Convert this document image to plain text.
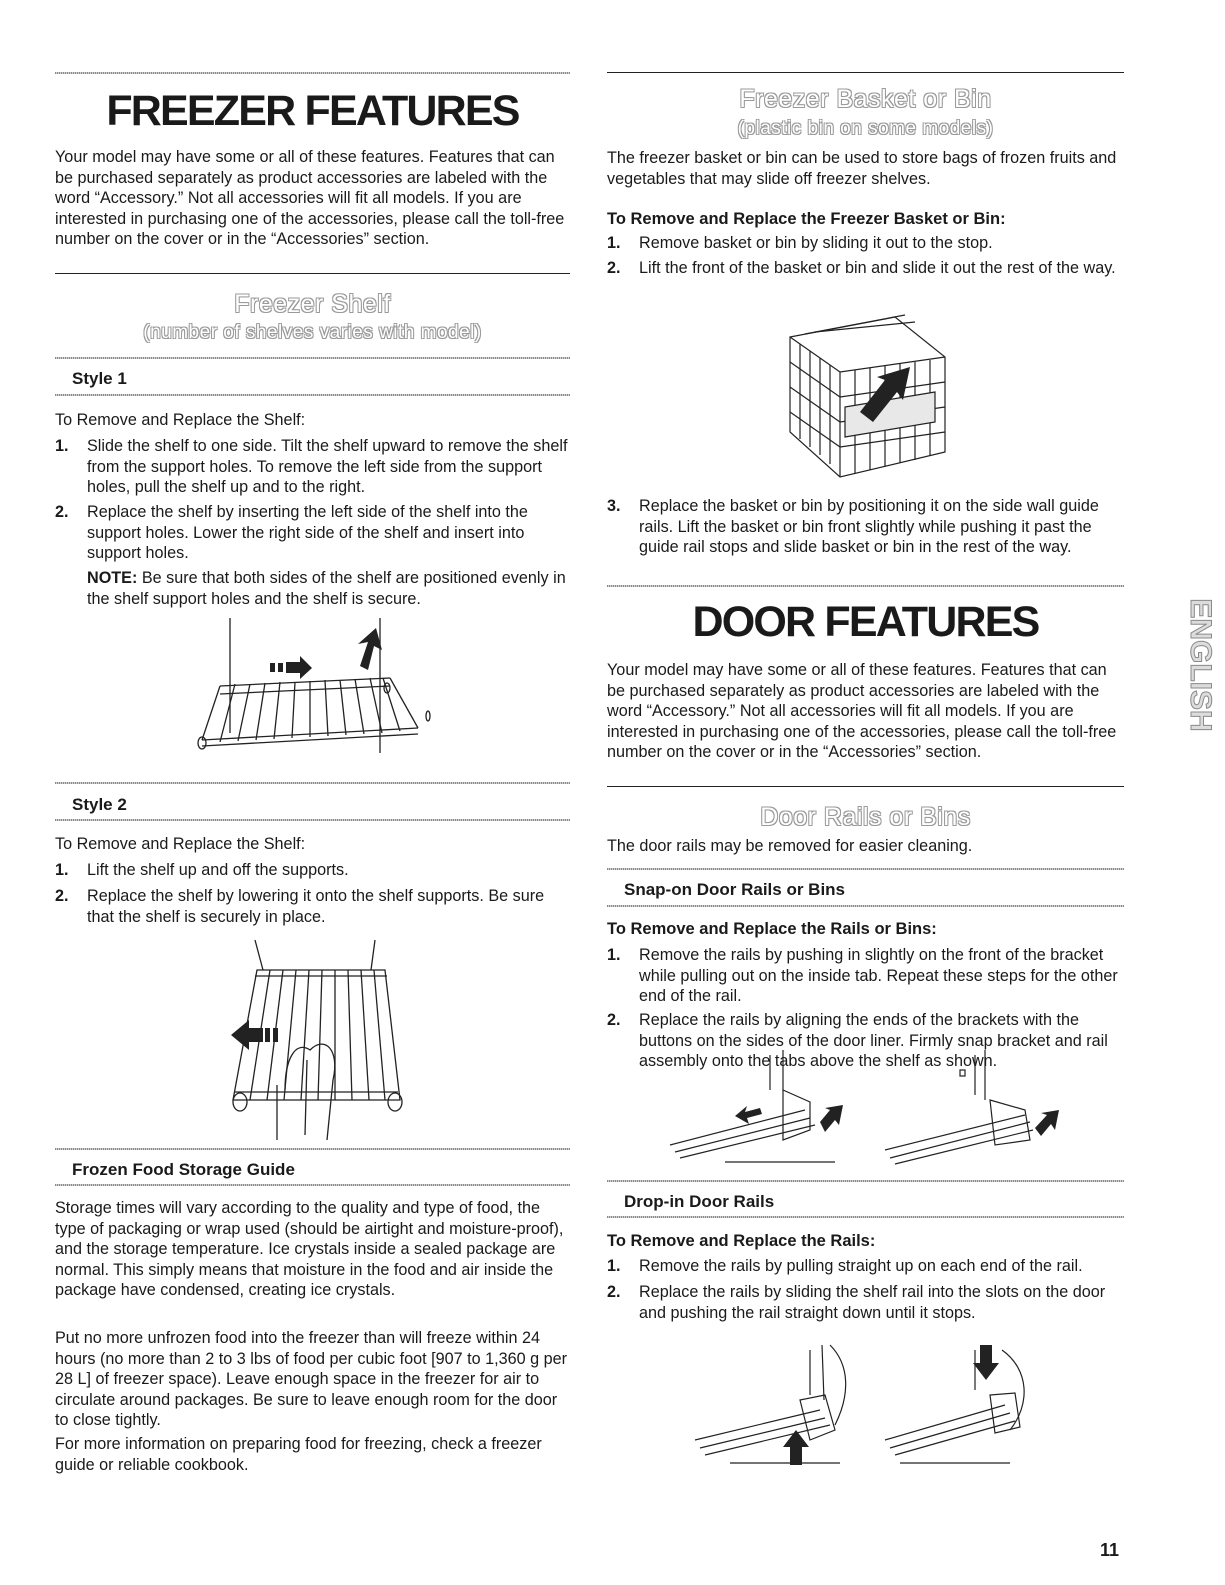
FREEZER FEATURES

Your model may have some or all of these features. Features that can be purchased separately as product accessories are labeled with the word “Accessory.” Not all accessories will fit all models. If you are interested in purchasing one of the accessories, please call the toll-free number on the cover or in the “Accessories” section.

Freezer Shelf
(number of shelves varies with model)
Style 1
To Remove and Replace the Shelf:
1. Slide the shelf to one side. Tilt the shelf upward to remove the shelf from the support holes. To remove the left side from the support holes, pull the shelf up and to the right.
2. Replace the shelf by inserting the left side of the shelf into the support holes. Lower the right side of the shelf and insert into support holes.

NOTE: Be sure that both sides of the shelf are positioned evenly in the shelf support holes and the shelf is secure.

Style 2
To Remove and Replace the Shelf:
1. Lift the shelf up and off the supports.
2. Replace the shelf by lowering it onto the shelf supports. Be sure that the shelf is securely in place.
Frozen Food Storage Guide

Storage times will vary according to the quality and type of food, the type of packaging or wrap used (should be airtight and moisture-proof), and the storage temperature. Ice crystals inside a sealed package are normal. This simply means that moisture in the food and air inside the package have condensed, creating ice crystals.

Put no more unfrozen food into the freezer than will freeze within 24 hours (no more than 2 to 3 lbs of food per cubic foot [907 to 1,360 g per 28 L] of freezer space). Leave enough space in the freezer for air to circulate around packages. Be sure to leave enough room for the door to close tightly.

For more information on preparing food for freezing, check a freezer guide or reliable cookbook.

Freezer Basket or Bin
(plastic bin on some models)

The freezer basket or bin can be used to store bags of frozen fruits and vegetables that may slide off freezer shelves.

To Remove and Replace the Freezer Basket or Bin:
1. Remove basket or bin by sliding it out to the stop.
2. Lift the front of the basket or bin and slide it out the rest of the way.
3. Replace the basket or bin by positioning it on the side wall guide rails. Lift the basket or bin front slightly while pushing it past the guide rail stops and slide basket or bin in the rest of the way.
DOOR FEATURES

Your model may have some or all of these features. Features that can be purchased separately as product accessories are labeled with the word “Accessory.” Not all accessories will fit all models. If you are interested in purchasing one of the accessories, please call the toll-free number on the cover or in the “Accessories” section.

Door Rails or Bins

The door rails may be removed for easier cleaning.

Snap-on Door Rails or Bins
To Remove and Replace the Rails or Bins:
1. Remove the rails by pushing in slightly on the front of the bracket while pulling out on the inside tab. Repeat these steps for the other end of the rail.
2. Replace the rails by aligning the ends of the brackets with the buttons on the sides of the door liner. Firmly snap bracket and rail assembly onto the tabs above the shelf as shown.
Drop-in Door Rails
To Remove and Replace the Rails:
1. Remove the rails by pulling straight up on each end of the rail.
2. Replace the rails by sliding the shelf rail into the slots on the door and pushing the rail straight down until it stops.
ENGLISH
11
